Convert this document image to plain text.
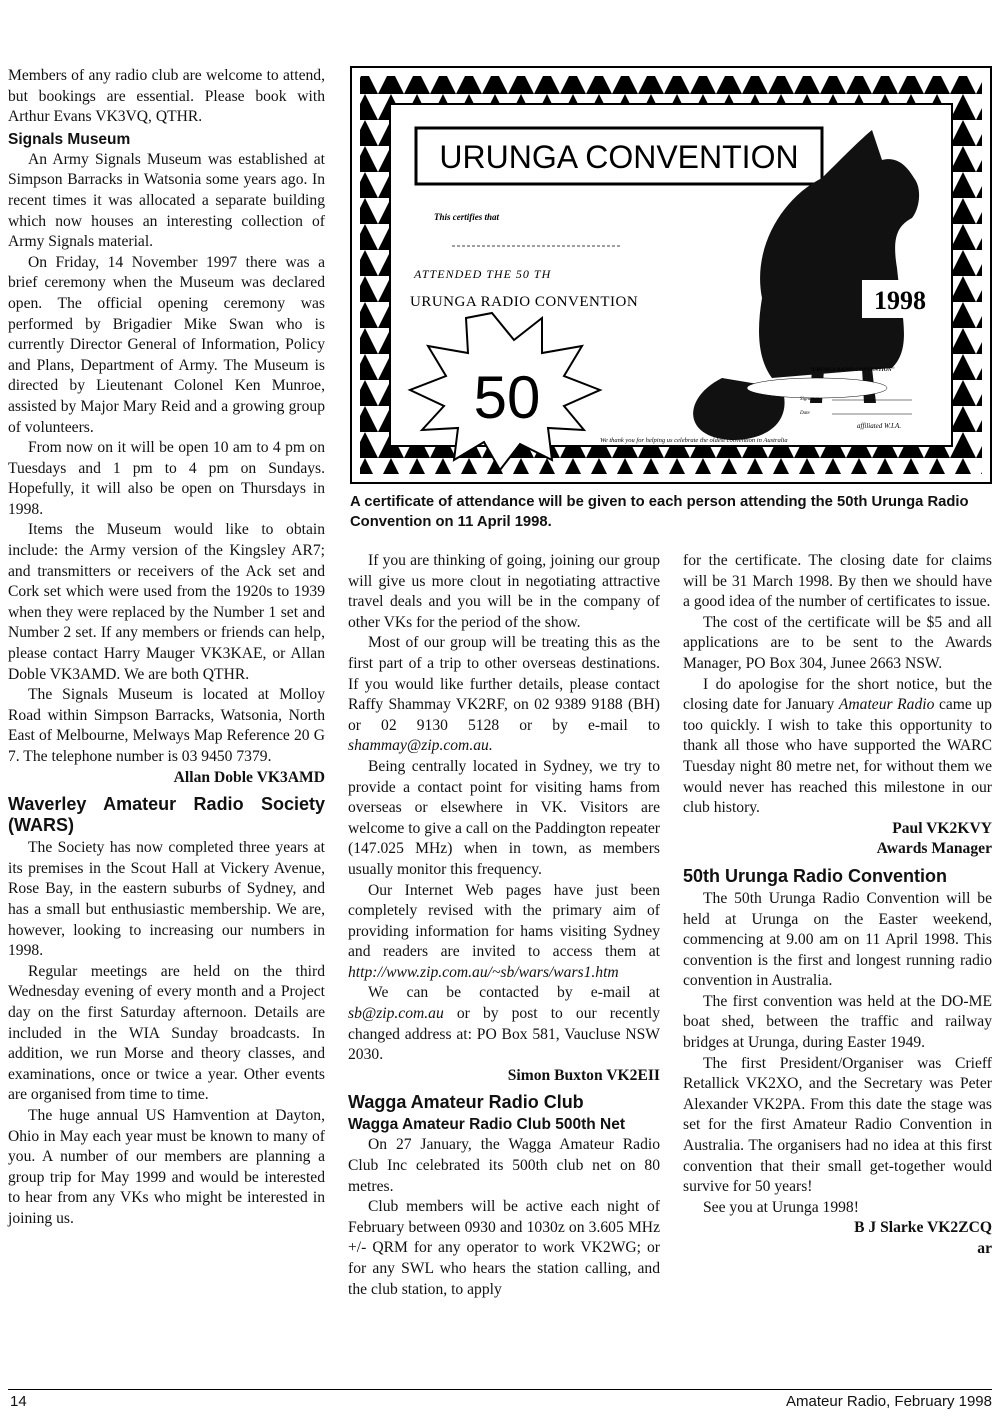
Members of any radio club are welcome to attend, but bookings are essential. Please book with Arthur Evans VK3VQ, QTHR.

Signals Museum

An Army Signals Museum was established at Simpson Barracks in Watsonia some years ago. In recent times it was allocated a separate building which now houses an interesting collection of Army Signals material.

On Friday, 14 November 1997 there was a brief ceremony when the Museum was declared open. The official opening ceremony was performed by Brigadier Mike Swan who is currently Director General of Information, Policy and Plans, Department of Army. The Museum is directed by Lieutenant Colonel Ken Munroe, assisted by Major Mary Reid and a growing group of volunteers.

From now on it will be open 10 am to 4 pm on Tuesdays and 1 pm to 4 pm on Sundays. Hopefully, it will also be open on Thursdays in 1998.

Items the Museum would like to obtain include: the Army version of the Kingsley AR7; and transmitters or receivers of the Ack set and Cork set which were used from the 1920s to 1939 when they were replaced by the Number 1 set and Number 2 set. If any members or friends can help, please contact Harry Mauger VK3KAE, or Allan Doble VK3AMD. We are both QTHR.

The Signals Museum is located at Molloy Road within Simpson Barracks, Watsonia, North East of Melbourne, Melways Map Reference 20 G 7. The telephone number is 03 9450 7379.

Allan Doble VK3AMD

Waverley Amateur Radio Society (WARS)

The Society has now completed three years at its premises in the Scout Hall at Vickery Avenue, Rose Bay, in the eastern suburbs of Sydney, and has a small but enthusiastic membership. We are, however, looking to increasing our numbers in 1998.

Regular meetings are held on the third Wednesday evening of every month and a Project day on the first Saturday afternoon. Details are included in the WIA Sunday broadcasts. In addition, we run Morse and theory classes, and examinations, once or twice a year. Other events are organised from time to time.

The huge annual US Hamvention at Dayton, Ohio in May each year must be known to many of you. A number of our members are planning a group trip for May 1999 and would be interested to hear from any VKs who might be interested in joining us.

URUNGA CONVENTION
This certifies that
ATTENDED THE 50 TH
URUNGA RADIO CONVENTION
"URUNGA RADIO CONVENTION"
1998
50	Signature
Date
affiliated W.I.A.
We thank you for helping us celebrate the oldest convention in Australia
A certificate of attendance will be given to each person attending the 50th Urunga Radio Convention on 11 April 1998.

If you are thinking of going, joining our group will give us more clout in negotiating attractive travel deals and you will be in the company of other VKs for the period of the show.

Most of our group will be treating this as the first part of a trip to other overseas destinations. If you would like further details, please contact Raffy Shammay VK2RF, on 02 9389 9188 (BH) or 02 9130 5128 or by e-mail to shammay@zip.com.au.

Being centrally located in Sydney, we try to provide a contact point for visiting hams from overseas or elsewhere in VK. Visitors are welcome to give a call on the Paddington repeater (147.025 MHz) when in town, as members usually monitor this frequency.

Our Internet Web pages have just been completely revised with the primary aim of providing information for hams visiting Sydney and readers are invited to access them at http://www.zip.com.au/~sb/wars/wars1.htm

We can be contacted by e-mail at sb@zip.com.au or by post to our recently changed address at: PO Box 581, Vaucluse NSW 2030.

Simon Buxton VK2EII

Wagga Amateur Radio Club
Wagga Amateur Radio Club 500th Net

On 27 January, the Wagga Amateur Radio Club Inc celebrated its 500th club net on 80 metres.

Club members will be active each night of February between 0930 and 1030z on 3.605 MHz +/- QRM for any operator to work VK2WG; or for any SWL who hears the station calling, and the club station, to apply

for the certificate. The closing date for claims will be 31 March 1998. By then we should have a good idea of the number of certificates to issue.

The cost of the certificate will be $5 and all applications are to be sent to the Awards Manager, PO Box 304, Junee 2663 NSW.

I do apologise for the short notice, but the closing date for January Amateur Radio came up too quickly. I wish to take this opportunity to thank all those who have supported the WARC Tuesday night 80 metre net, for without them we would never has reached this milestone in our club history.

Paul VK2KVY

Awards Manager

50th Urunga Radio Convention

The 50th Urunga Radio Convention will be held at Urunga on the Easter weekend, commencing at 9.00 am on 11 April 1998. This convention is the first and longest running radio convention in Australia.

The first convention was held at the DO-ME boat shed, between the traffic and railway bridges at Urunga, during Easter 1949.

The first President/Organiser was Crieff Retallick VK2XO, and the Secretary was Peter Alexander VK2PA. From this date the stage was set for the first Amateur Radio Convention in Australia. The organisers had no idea at this first convention that their small get-together would survive for 50 years!

See you at Urunga 1998!

B J Slarke VK2ZCQ

ar

14	Amateur Radio, February 1998
